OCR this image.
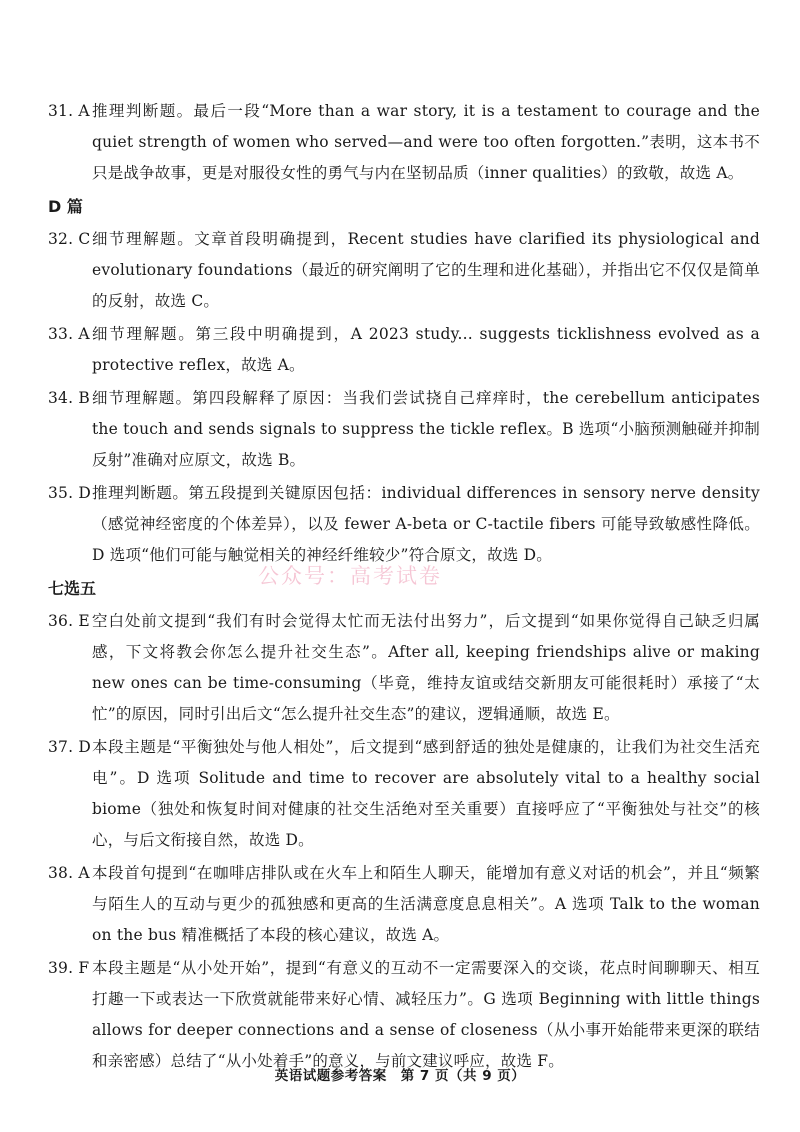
31. A 推理判断题。最后一段“More than a war story, it is a testament to courage and the quiet strength of women who served—and were too often forgotten.”表明，这本书不只是战争故事，更是对服役女性的勇气与内在坚韧品质（inner qualities）的致敬，故选 A。
D 篇
32. C 细节理解题。文章首段明确提到，Recent studies have clarified its physiological and evolutionary foundations（最近的研究阐明了它的生理和进化基础），并指出它不仅仅是简单的反射，故选 C。
33. A 细节理解题。第三段中明确提到，A 2023 study... suggests ticklishness evolved as a protective reflex，故选 A。
34. B 细节理解题。第四段解释了原因：当我们尝试挠自己痒痒时，the cerebellum anticipates the touch and sends signals to suppress the tickle reflex。B 选项“小脑预测触碰并抑制反射”准确对应原文，故选 B。
35. D 推理判断题。第五段提到关键原因包括：individual differences in sensory nerve density（感觉神经密度的个体差异），以及 fewer A-beta or C-tactile fibers 可能导致敏感性降低。D 选项“他们可能与触觉相关的神经纤维较少”符合原文，故选 D。
七选五
36. E 空白处前文提到“我们有时会觉得太忙而无法付出努力”，后文提到“如果你觉得自己缺乏归属感，下文将教会你怎么提升社交生态”。After all, keeping friendships alive or making new ones can be time-consuming（毕竟，维持友谊或结交新朋友可能很耗时）承接了“太忙”的原因，同时引出后文“怎么提升社交生态”的建议，逻辑通顺，故选 E。
37. D 本段主题是“平衡独处与他人相处”，后文提到“感到舒适的独处是健康的，让我们为社交生活充电”。D 选项 Solitude and time to recover are absolutely vital to a healthy social biome（独处和恢复时间对健康的社交生活绝对至关重要）直接呼应了“平衡独处与社交”的核心，与后文衔接自然，故选 D。
38. A 本段首句提到“在咖啡店排队或在火车上和陌生人聊天，能增加有意义对话的机会”，并且“频繁与陌生人的互动与更少的孤独感和更高的生活满意度息息相关”。A 选项 Talk to the woman on the bus 精准概括了本段的核心建议，故选 A。
39. F 本段主题是“从小处开始”，提到“有意义的互动不一定需要深入的交谈，花点时间聊聊天、相互打趣一下或表达一下欣赏就能带来好心情、减轻压力”。G 选项 Beginning with little things allows for deeper connections and a sense of closeness（从小事开始能带来更深的联结和亲密感）总结了“从小处着手”的意义，与前文建议呼应，故选 F。
公众号：高考试卷
英语试题参考答案　第 7 页（共 9 页）
